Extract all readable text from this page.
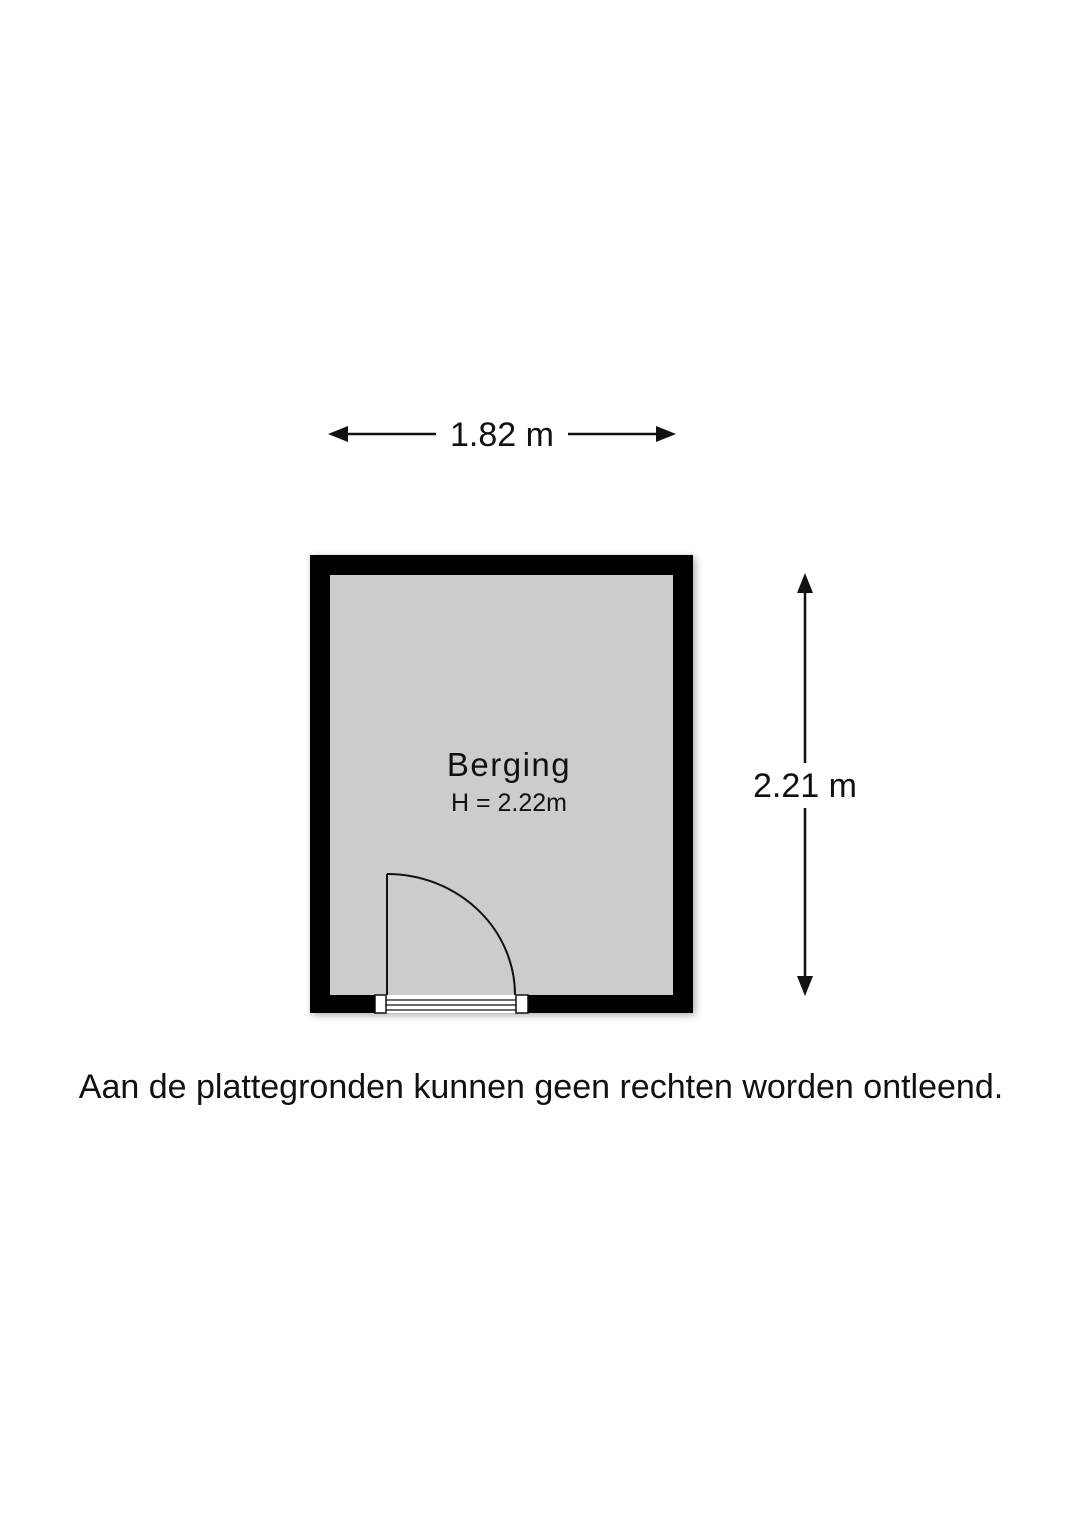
1.82 m
2.21 m
Berging
H = 2.22m
Aan de plattegronden kunnen geen rechten worden ontleend.
